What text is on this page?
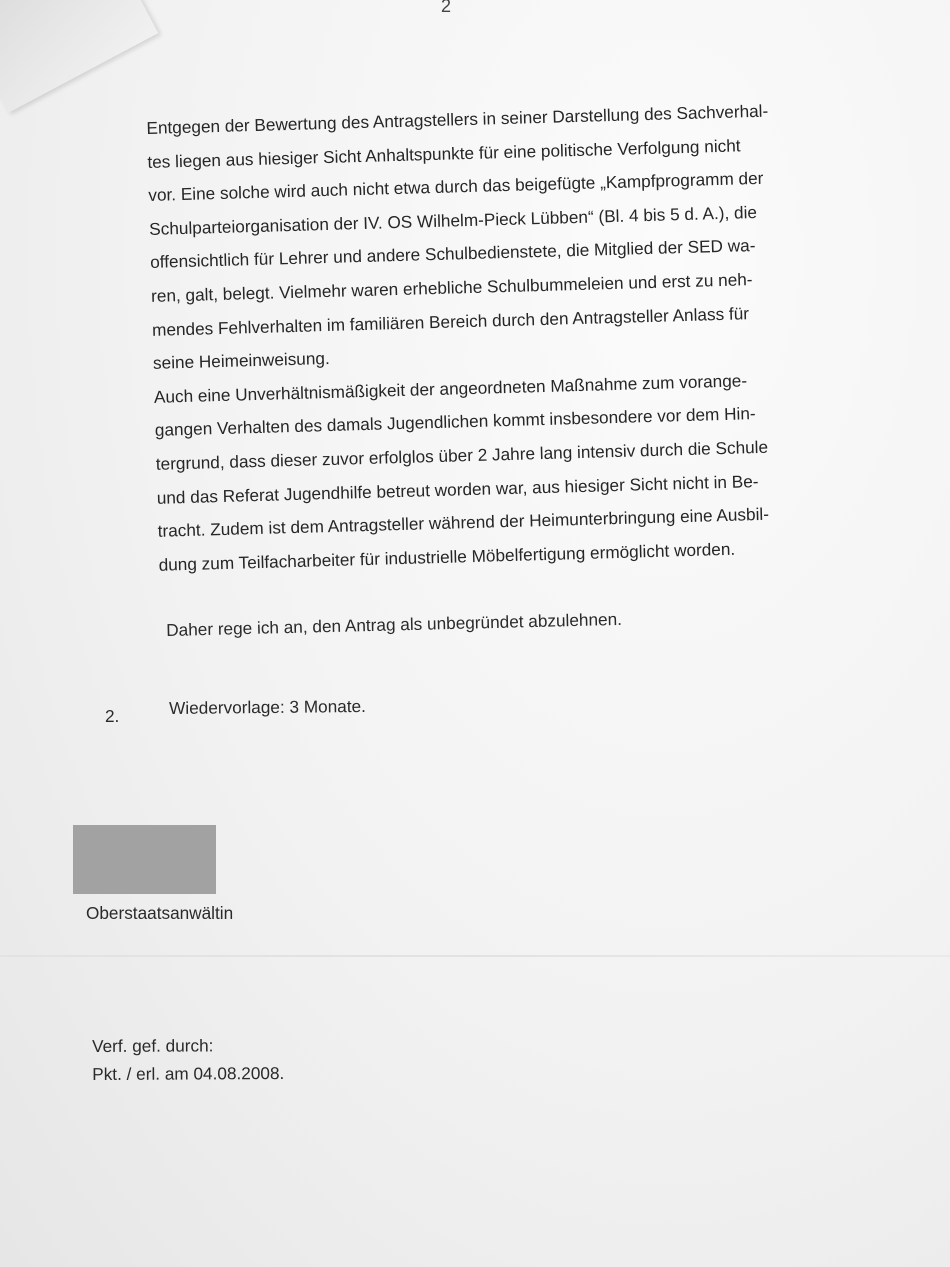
2
Entgegen der Bewertung des Antragstellers in seiner Darstellung des Sachverhal-
tes liegen aus hiesiger Sicht Anhaltspunkte für eine politische Verfolgung nicht
vor. Eine solche wird auch nicht etwa durch das beigefügte „Kampfprogramm der
Schulparteiorganisation der IV. OS Wilhelm-Pieck Lübben“ (Bl. 4 bis 5 d. A.), die
offensichtlich für Lehrer und andere Schulbedienstete, die Mitglied der SED wa-
ren, galt, belegt. Vielmehr waren erhebliche Schulbummeleien und erst zu neh-
mendes Fehlverhalten im familiären Bereich durch den Antragsteller Anlass für
seine Heimeinweisung.
Auch eine Unverhältnismäßigkeit der angeordneten Maßnahme zum vorange-
gangen Verhalten des damals Jugendlichen kommt insbesondere vor dem Hin-
tergrund, dass dieser zuvor erfolglos über 2 Jahre lang intensiv durch die Schule
und das Referat Jugendhilfe betreut worden war, aus hiesiger Sicht nicht in Be-
tracht. Zudem ist dem Antragsteller während der Heimunterbringung eine Ausbil-
dung zum Teilfacharbeiter für industrielle Möbelfertigung ermöglicht worden.
Daher rege ich an, den Antrag als unbegründet abzulehnen.
2.	Wiedervorlage: 3 Monate.
Oberstaatsanwältin
Verf. gef. durch:
Pkt. / erl. am 04.08.2008.
